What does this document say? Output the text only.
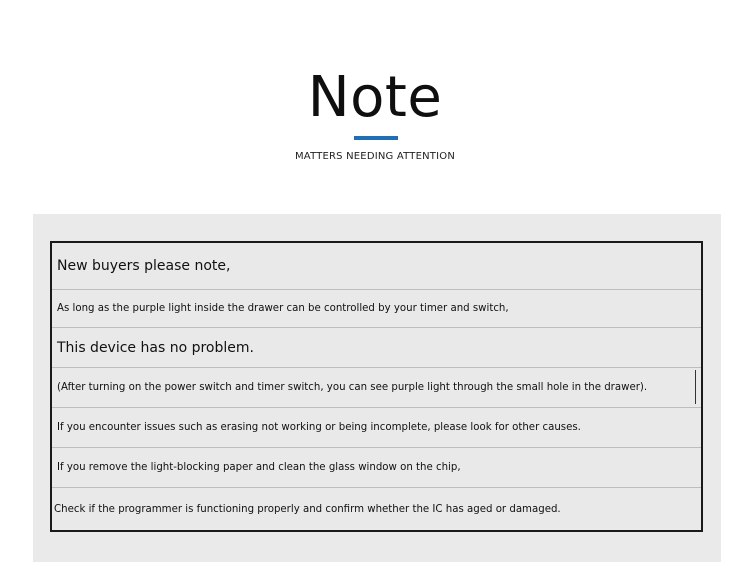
Note
MATTERS NEEDING ATTENTION
New buyers please note,
As long as the purple light inside the drawer can be controlled by your timer and switch,
This device has no problem.
(After turning on the power switch and timer switch, you can see purple light through the small hole in the drawer).
If you encounter issues such as erasing not working or being incomplete, please look for other causes.
If you remove the light-blocking paper and clean the glass window on the chip,
Check if the programmer is functioning properly and confirm whether the IC has aged or damaged.
